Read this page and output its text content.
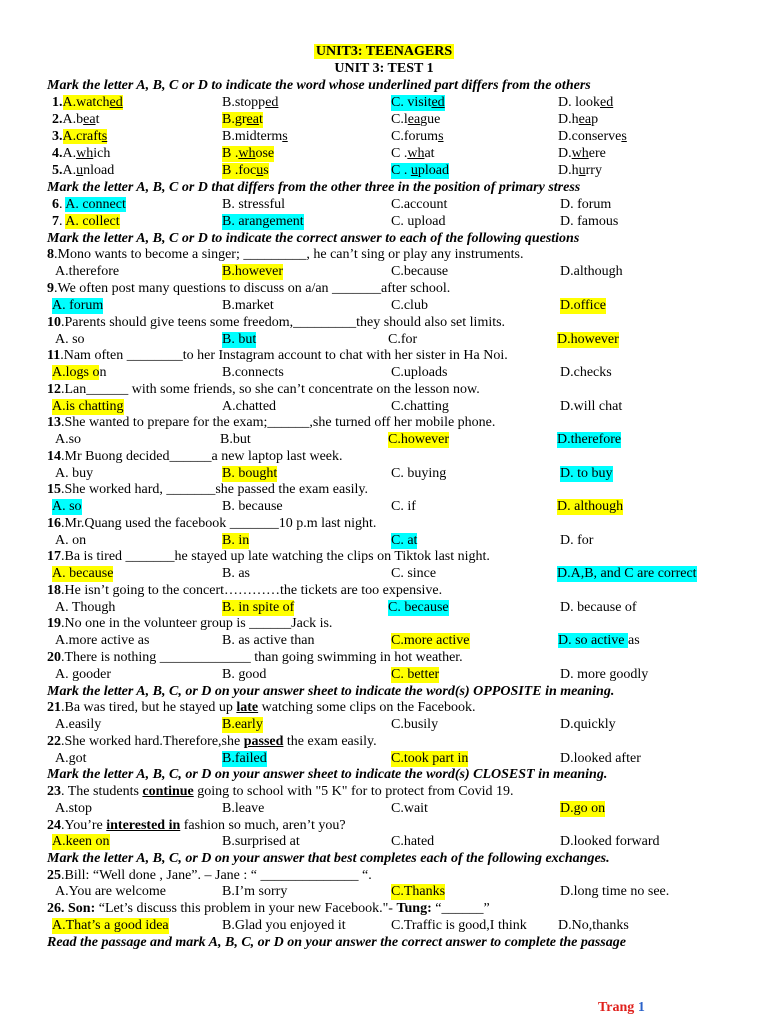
UNIT3: TEENAGERS
UNIT 3: TEST 1
Mark the letter A, B, C or D to indicate the word whose underlined part differs from the others
1.A.watched	B.stopped	C. visited	D. looked
2.A.beat	B.great	C.league	D.heap
3.A.crafts	B.midterms	C.forums	D.conserves
4.A.which	B .whose	C .what	D.where
5.A.unload	B .focus	C . upload	D.hurry
Mark the letter A, B, C or D that differs from the other three in the position of primary stress
6. A. connect	B. stressful	C.account	D. forum
7. A. collect	B. arangement	C. upload	D. famous
Mark the letter A, B, C or D to indicate the correct answer to each of the following questions
8.Mono wants to become a singer; _________, he can’t sing or play any instruments.
A.therefore	B.however	C.because	D.although
9.We often post many questions to discuss on a/an _______after school.
A. forum	B.market	C.club	D.office
10.Parents should give teens some freedom,_________they should also set limits.
A. so	B. but	C.for	D.however
11.Nam often ________to her Instagram account to chat with her sister in Ha Noi.
A.logs on	B.connects	C.uploads	D.checks
12.Lan______ with some friends, so she can’t concentrate on the lesson now.
A.is chatting	A.chatted	C.chatting	D.will chat
13.She wanted to prepare for the exam;______,she turned off her mobile phone.
A.so	B.but	C.however	D.therefore
14.Mr Buong decided______a new laptop last week.
A. buy	B. bought	C. buying	D. to buy
15.She worked hard, _______she passed the exam easily.
A. so	B. because	C. if	D. although
16.Mr.Quang used the facebook _______10 p.m last night.
A. on	B. in	C. at	D. for
17.Ba is tired _______he stayed up late watching the clips on Tiktok last night.
A. because	B. as	C. since	D.A,B, and C are correct
18.He isn’t going to the concert…………the tickets are too expensive.
A. Though	B. in spite of	C. because	D. because of
19.No one in the volunteer group is ______Jack is.
A.more active as	B. as active than	C.more active	D. so active as
20.There is nothing _____________ than going swimming in hot weather.
A. gooder	B. good	C. better	D. more goodly
Mark the letter A, B, C, or D on your answer sheet to indicate the word(s) OPPOSITE in meaning.
21.Ba was tired, but he stayed up late watching some clips on the Facebook.
A.easily	B.early	C.busily	D.quickly
22.She worked hard.Therefore,she passed the exam easily.
A.got	B.failed	C.took part in	D.looked after
Mark the letter A, B, C, or D on your answer sheet to indicate the word(s) CLOSEST in meaning.
23. The students continue going to school with "5 K" for to protect from Covid 19.
A.stop	B.leave	C.wait	D.go on
24.You’re interested in fashion so much, aren’t you?
A.keen on	B.surprised at	C.hated	D.looked forward
Mark the letter A, B, C, or D on your answer that best completes each of the following exchanges.
25.Bill: “Well done , Jane”. – Jane : “ ______________ “.
A.You are welcome	B.I’m sorry	C.Thanks	D.long time no see.
26. Son: “Let’s discuss this problem in your new Facebook."- Tung: “______”
A.That’s a good idea	B.Glad you enjoyed it	C.Traffic is good,I think D.No,thanks
Read the passage and mark A, B, C, or D on your answer the correct answer to complete the passage
Trang 1
